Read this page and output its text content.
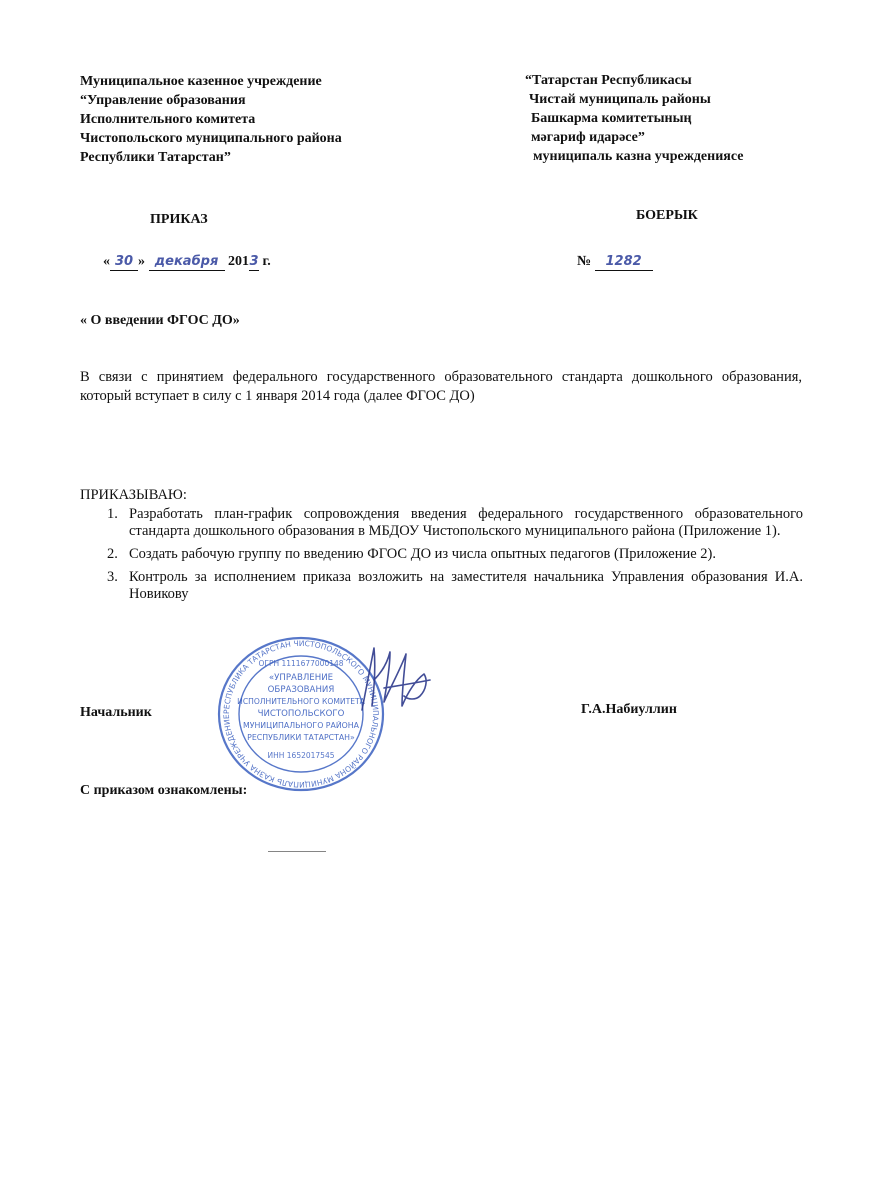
Муниципальное казенное учреждение
“Управление образования
Исполнительного комитета
Чистопольского муниципального района
Республики Татарстан”
“Татарстан Республикасы
Чистай муниципаль районы
Башкарма комитетының
мәгариф идарәсе”
муниципаль казна учреждениясе
ПРИКАЗ	БОЕРЫК
« 30 » декабря 2013 г.	№ 1282
« О введении ФГОС ДО»
В связи с принятием федерального государственного образовательного стандарта дошкольного образования, который вступает в силу с 1 января 2014 года (далее ФГОС ДО)
ПРИКАЗЫВАЮ:
1. Разработать план-график сопровождения введения федерального государственного образовательного стандарта дошкольного образования в МБДОУ Чистопольского муниципального района (Приложение 1).
2. Создать рабочую группу по введению ФГОС ДО из числа опытных педагогов (Приложение 2).
3. Контроль за исполнением приказа возложить на заместителя начальника Управления образования И.А. Новикову
РЕСПУБЛИКА ТАТАРСТАН ЧИСТОПОЛЬСКОГО МУНИЦИПАЛЬНОГО РАЙОНА МУНИЦИПАЛЬ КАЗНА УЧРЕЖДЕНИЕ
ОГРН 1111677000148
«УПРАВЛЕНИЕ
ОБРАЗОВАНИЯ
ИСПОЛНИТЕЛЬНОГО КОМИТЕТА
ЧИСТОПОЛЬСКОГО
МУНИЦИПАЛЬНОГО РАЙОНА
РЕСПУБЛИКИ ТАТАРСТАН»
ИНН 1652017545
Начальник	Г.А.Набиуллин
С приказом ознакомлены:
